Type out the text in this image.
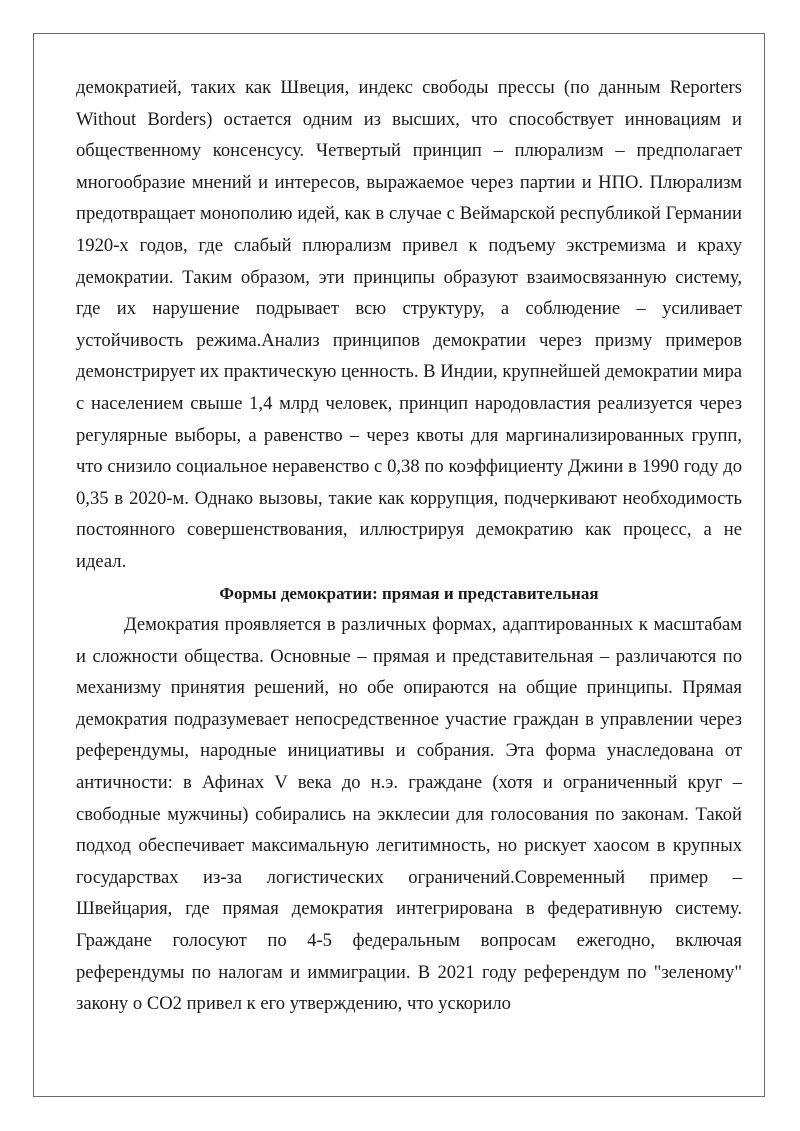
демократией, таких как Швеция, индекс свободы прессы (по данным Reporters Without Borders) остается одним из высших, что способствует инновациям и общественному консенсусу. Четвертый принцип – плюрализм – предполагает многообразие мнений и интересов, выражаемое через партии и НПО. Плюрализм предотвращает монополию идей, как в случае с Веймарской республикой Германии 1920-х годов, где слабый плюрализм привел к подъему экстремизма и краху демократии. Таким образом, эти принципы образуют взаимосвязанную систему, где их нарушение подрывает всю структуру, а соблюдение – усиливает устойчивость режима.Анализ принципов демократии через призму примеров демонстрирует их практическую ценность. В Индии, крупнейшей демократии мира с населением свыше 1,4 млрд человек, принцип народовластия реализуется через регулярные выборы, а равенство – через квоты для маргинализированных групп, что снизило социальное неравенство с 0,38 по коэффициенту Джини в 1990 году до 0,35 в 2020-м. Однако вызовы, такие как коррупция, подчеркивают необходимость постоянного совершенствования, иллюстрируя демократию как процесс, а не идеал.

Формы демократии: прямая и представительная

Демократия проявляется в различных формах, адаптированных к масштабам и сложности общества. Основные – прямая и представительная – различаются по механизму принятия решений, но обе опираются на общие принципы. Прямая демократия подразумевает непосредственное участие граждан в управлении через референдумы, народные инициативы и собрания. Эта форма унаследована от античности: в Афинах V века до н.э. граждане (хотя и ограниченный круг – свободные мужчины) собирались на экклесии для голосования по законам. Такой подход обеспечивает максимальную легитимность, но рискует хаосом в крупных государствах из-за логистических ограничений.Современный пример – Швейцария, где прямая демократия интегрирована в федеративную систему. Граждане голосуют по 4-5 федеральным вопросам ежегодно, включая референдумы по налогам и иммиграции. В 2021 году референдум по "зеленому" закону о CO2 привел к его утверждению, что ускорило
